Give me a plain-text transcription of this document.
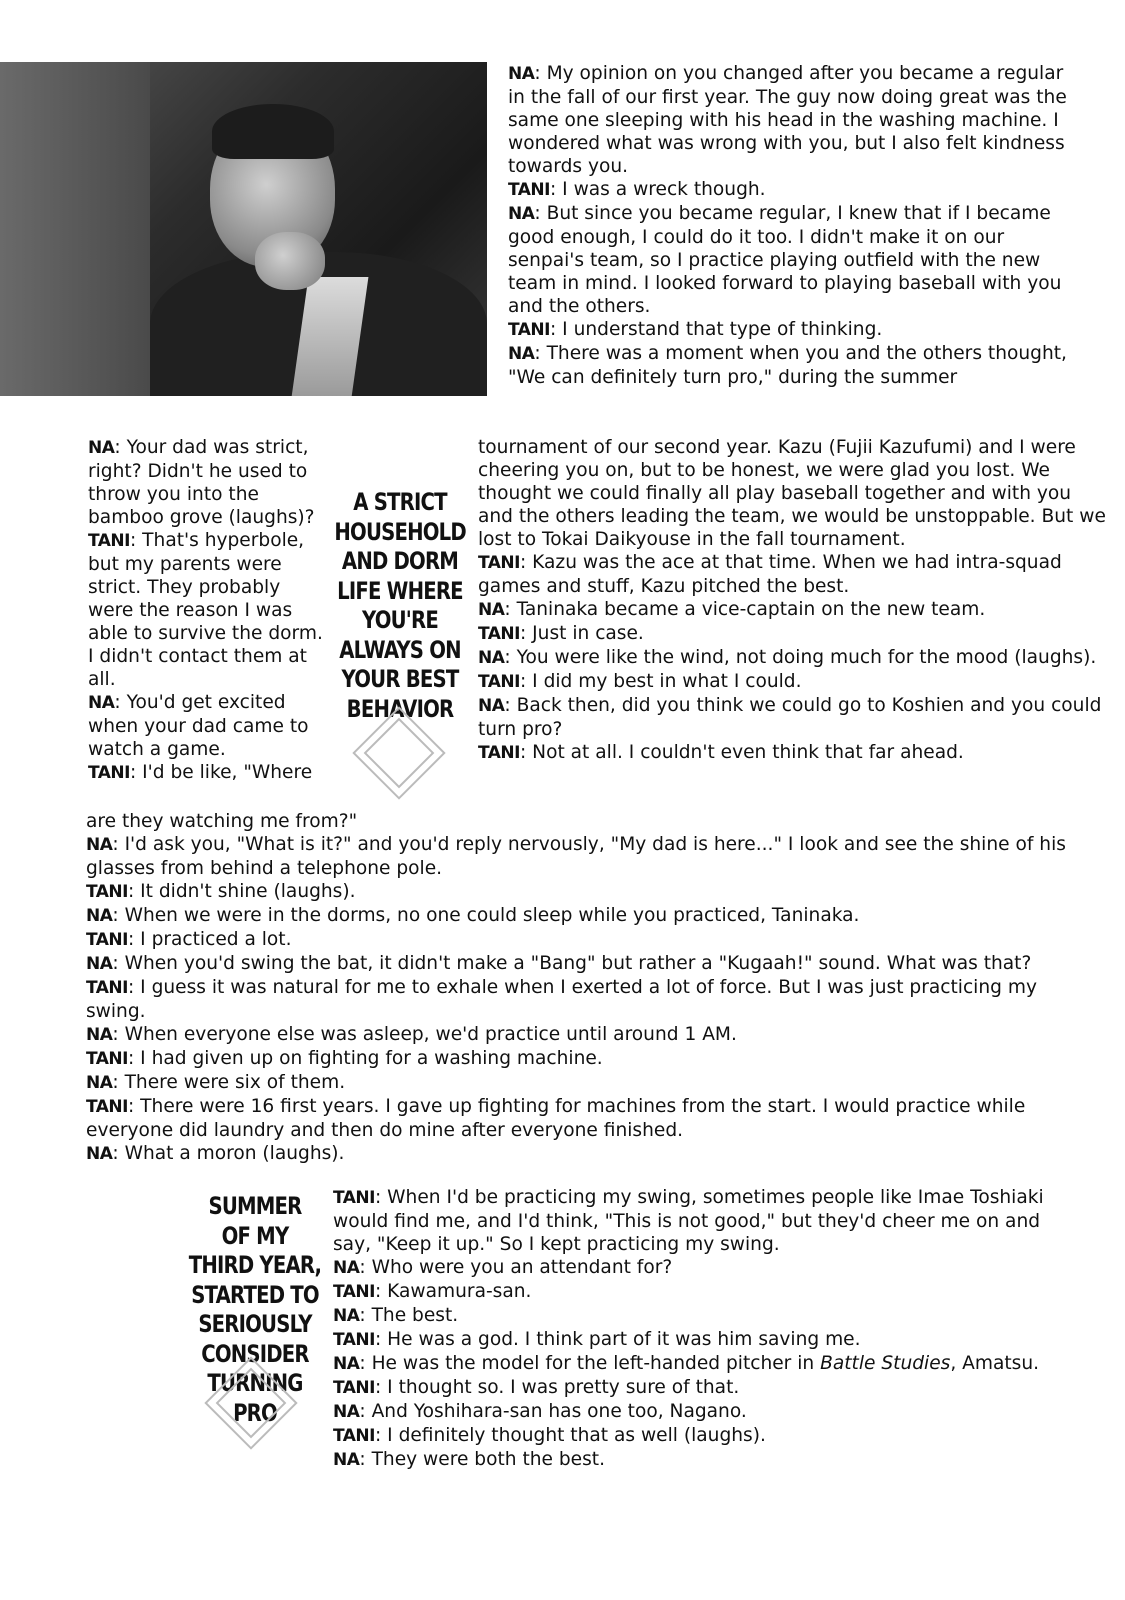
NA: My opinion on you changed after you became a regular in the fall of our first year. The guy now doing great was the same one sleeping with his head in the washing machine. I wondered what was wrong with you, but I also felt kindness towards you.

TANI: I was a wreck though.

NA: But since you became regular, I knew that if I became good enough, I could do it too. I didn't make it on our senpai's team, so I practice playing outfield with the new team in mind. I looked forward to playing baseball with you and the others.

TANI: I understand that type of thinking.

NA: There was a moment when you and the others thought, "We can definitely turn pro," during the summer

NA: Your dad was strict, right? Didn't he used to throw you into the bamboo grove (laughs)?

TANI: That's hyperbole, but my parents were strict. They probably were the reason I was able to survive the dorm. I didn't contact them at all.

NA: You'd get excited when your dad came to watch a game.

TANI: I'd be like, "Where

A STRICT
HOUSEHOLD
AND DORM
LIFE WHERE
YOU'RE
ALWAYS ON
YOUR BEST
BEHAVIOR

tournament of our second year. Kazu (Fujii Kazufumi) and I were cheering you on, but to be honest, we were glad you lost. We thought we could finally all play baseball together and with you and the others leading the team, we would be unstoppable. But we lost to Tokai Daikyouse in the fall tournament.

TANI: Kazu was the ace at that time. When we had intra-squad games and stuff, Kazu pitched the best.

NA: Taninaka became a vice-captain on the new team.

TANI: Just in case.

NA: You were like the wind, not doing much for the mood (laughs).

TANI: I did my best in what I could.

NA: Back then, did you think we could go to Koshien and you could turn pro?

TANI: Not at all. I couldn't even think that far ahead.

are they watching me from?"

NA: I'd ask you, "What is it?" and you'd reply nervously, "My dad is here..." I look and see the shine of his glasses from behind a telephone pole.

TANI: It didn't shine (laughs).

NA: When we were in the dorms, no one could sleep while you practiced, Taninaka.

TANI: I practiced a lot.

NA: When you'd swing the bat, it didn't make a "Bang" but rather a "Kugaah!" sound. What was that?

TANI: I guess it was natural for me to exhale when I exerted a lot of force. But I was just practicing my swing.

NA: When everyone else was asleep, we'd practice until around 1 AM.

TANI: I had given up on fighting for a washing machine.

NA: There were six of them.

TANI: There were 16 first years. I gave up fighting for machines from the start. I would practice while everyone did laundry and then do mine after everyone finished.

NA: What a moron (laughs).

SUMMER
OF MY
THIRD YEAR,
STARTED TO
SERIOUSLY
CONSIDER
TURNING PRO

TANI: When I'd be practicing my swing, sometimes people like Imae Toshiaki would find me, and I'd think, "This is not good," but they'd cheer me on and say, "Keep it up." So I kept practicing my swing.

NA: Who were you an attendant for?

TANI: Kawamura-san.

NA: The best.

TANI: He was a god. I think part of it was him saving me.

NA: He was the model for the left-handed pitcher in Battle Studies, Amatsu.

TANI: I thought so. I was pretty sure of that.

NA: And Yoshihara-san has one too, Nagano.

TANI: I definitely thought that as well (laughs).

NA: They were both the best.
